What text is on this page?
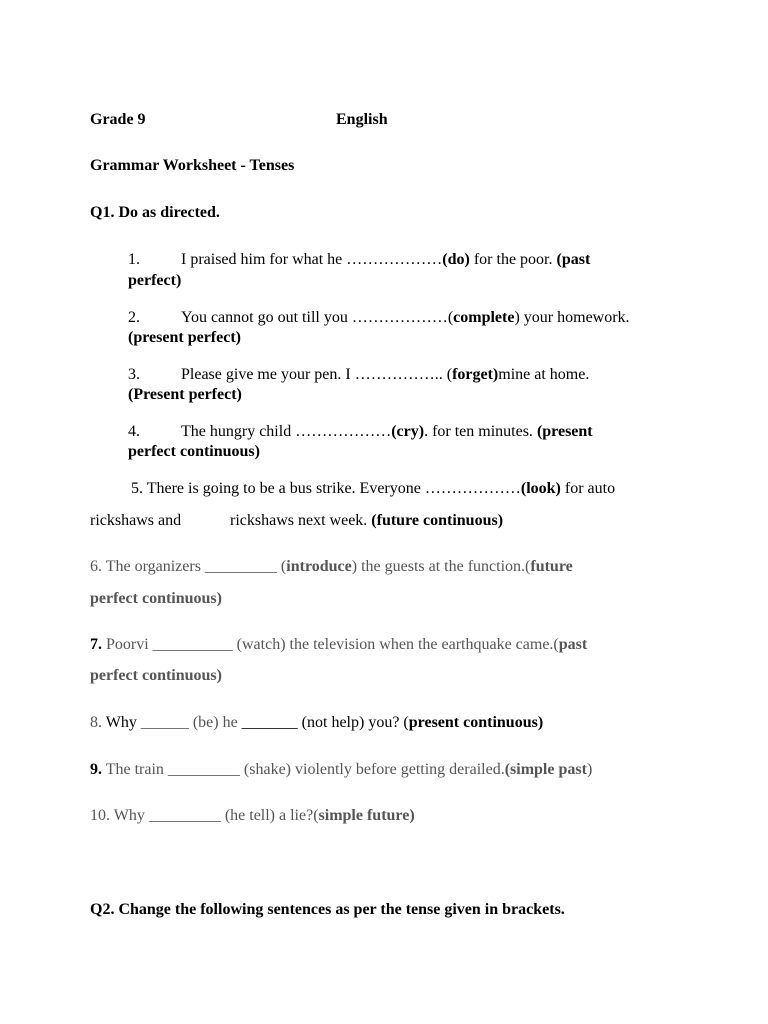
Grade 9	English
Grammar Worksheet - Tenses
Q1. Do as directed.
1.	I praised him for what he ………………(do) for the poor. (past
perfect)
2.	You cannot go out till you ………………(complete) your homework.
(present perfect)
3.	Please give me your pen. I …………….. (forget)mine at home.
(Present perfect)
4.	The hungry child ………………(cry). for ten minutes. (present
perfect continuous)
5. There is going to be a bus strike. Everyone ………………(look) for auto
rickshaws and	rickshaws next week. (future continuous)
6. The organizers _________ (introduce) the guests at the function.(future
perfect continuous)
7. Poorvi __________ (watch) the television when the earthquake came.(past
perfect continuous)
8. Why ______ (be) he _______ (not help) you? (present continuous)
9. The train _________ (shake) violently before getting derailed.(simple past)
10. Why _________ (he tell) a lie?(simple future)
Q2. Change the following sentences as per the tense given in brackets.
